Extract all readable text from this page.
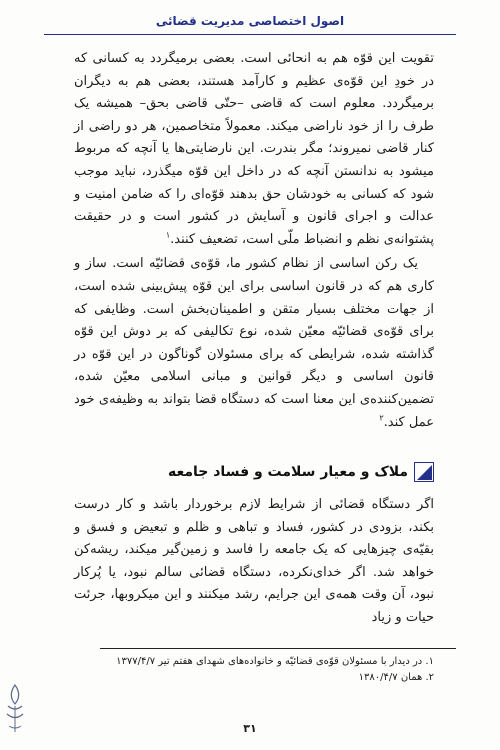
اصول اختصاصی مدیریت قضائی

تقویت این قوّه هم به انحائی است. بعضی برمیگردد به کسانی که در خودِ این قوّه‌ی عظیم و کارآمد هستند، بعضی هم به دیگران برمیگردد. معلوم است که قاضی ‎–حتّی قاضی بحق–‎ همیشه یک طرف را از خود ناراضی میکند. معمولاً متخاصمین، هر دو راضی از کنار قاضی نمیروند؛ مگر بندرت. این نارضایتی‌ها یا آنچه که مربوط میشود به ندانستن آنچه که در داخل این قوّه میگذرد، نباید موجب شود که کسانی به خودشان حق بدهند قوّه‌ای را که ضامن امنیت و عدالت و اجرای قانون و آسایش در کشور است و در حقیقت پشتوانه‌ی نظم و انضباط ملّی است، تضعیف کنند.$^۱$

یک رکن اساسی از نظام کشور ما، قوّه‌ی قضائیّه است. ساز و کاری هم که در قانون اساسی برای این قوّه پیش‌بینی شده است، از جهات مختلف بسیار متقن و اطمینان‌بخش است. وظایفی که برای قوّه‌ی قضائیّه معیّن شده، نوع تکالیفی که بر دوش این قوّه گذاشته شده، شرایطی که برای مسئولان گوناگون در این قوّه در قانون اساسی و دیگر قوانین و مبانی اسلامی معیّن شده، تضمین‌کننده‌ی این معنا است که دستگاه قضا بتواند به وظیفه‌ی خود عمل کند.$^۲$

ملاک و معیار سلامت و فساد جامعه
اگر دستگاه قضائی از شرایط لازم برخوردار باشد و کار درست بکند، بزودی در کشور، فساد و تباهی و ظلم و تبعیض و فسق و بقیّه‌ی چیزهایی که یک جامعه را فاسد و زمین‌گیر میکند، ریشه‌کن خواهد شد. اگر خدای‌نکرده، دستگاه قضائی سالم نبود، یا پُرکار نبود، آن وقت همه‌ی این جرایم، رشد میکنند و این میکروبها، جرئت حیات و زیاد

۱. در دیدار با مسئولان قوّه‌ی قضائیّه و خانواده‌های شهدای هفتم تیر ۱۳۷۷/۴/۷

۲. همان ۱۳۸۰/۴/۷

۳۱
